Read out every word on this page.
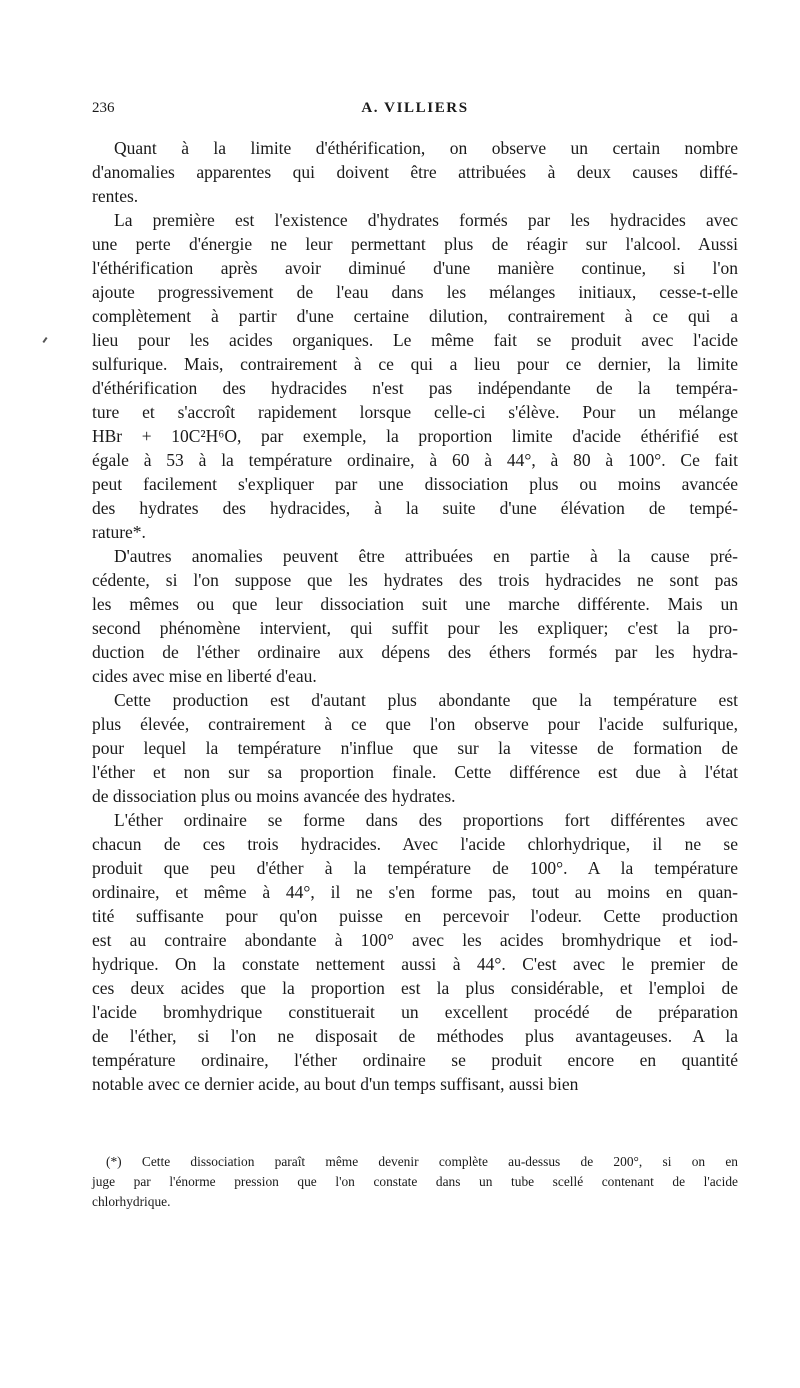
236	A. VILLIERS

Quant à la limite d'éthérification, on observe un certain nombre
d'anomalies apparentes qui doivent être attribuées à deux causes diffé-
rentes.

La première est l'existence d'hydrates formés par les hydracides avec
une perte d'énergie ne leur permettant plus de réagir sur l'alcool. Aussi
l'éthérification après avoir diminué d'une manière continue, si l'on
ajoute progressivement de l'eau dans les mélanges initiaux, cesse-t-elle
complètement à partir d'une certaine dilution, contrairement à ce qui a
lieu pour les acides organiques. Le même fait se produit avec l'acide
sulfurique. Mais, contrairement à ce qui a lieu pour ce dernier, la limite
d'éthérification des hydracides n'est pas indépendante de la tempéra-
ture et s'accroît rapidement lorsque celle-ci s'élève. Pour un mélange
HBr + 10C²H⁶O, par exemple, la proportion limite d'acide éthérifié est
égale à 53 à la température ordinaire, à 60 à 44°, à 80 à 100°. Ce fait
peut facilement s'expliquer par une dissociation plus ou moins avancée
des hydrates des hydracides, à la suite d'une élévation de tempé-
rature*.

D'autres anomalies peuvent être attribuées en partie à la cause pré-
cédente, si l'on suppose que les hydrates des trois hydracides ne sont pas
les mêmes ou que leur dissociation suit une marche différente. Mais un
second phénomène intervient, qui suffit pour les expliquer; c'est la pro-
duction de l'éther ordinaire aux dépens des éthers formés par les hydra-
cides avec mise en liberté d'eau.

Cette production est d'autant plus abondante que la température est
plus élevée, contrairement à ce que l'on observe pour l'acide sulfurique,
pour lequel la température n'influe que sur la vitesse de formation de
l'éther et non sur sa proportion finale. Cette différence est due à l'état
de dissociation plus ou moins avancée des hydrates.

L'éther ordinaire se forme dans des proportions fort différentes avec
chacun de ces trois hydracides. Avec l'acide chlorhydrique, il ne se
produit que peu d'éther à la température de 100°. A la température
ordinaire, et même à 44°, il ne s'en forme pas, tout au moins en quan-
tité suffisante pour qu'on puisse en percevoir l'odeur. Cette production
est au contraire abondante à 100° avec les acides bromhydrique et iod-
hydrique. On la constate nettement aussi à 44°. C'est avec le premier de
ces deux acides que la proportion est la plus considérable, et l'emploi de
l'acide bromhydrique constituerait un excellent procédé de préparation
de l'éther, si l'on ne disposait de méthodes plus avantageuses. A la
température ordinaire, l'éther ordinaire se produit encore en quantité
notable avec ce dernier acide, au bout d'un temps suffisant, aussi bien

(*) Cette dissociation paraît même devenir complète au-dessus de 200°, si on en
juge par l'énorme pression que l'on constate dans un tube scellé contenant de l'acide
chlorhydrique.
